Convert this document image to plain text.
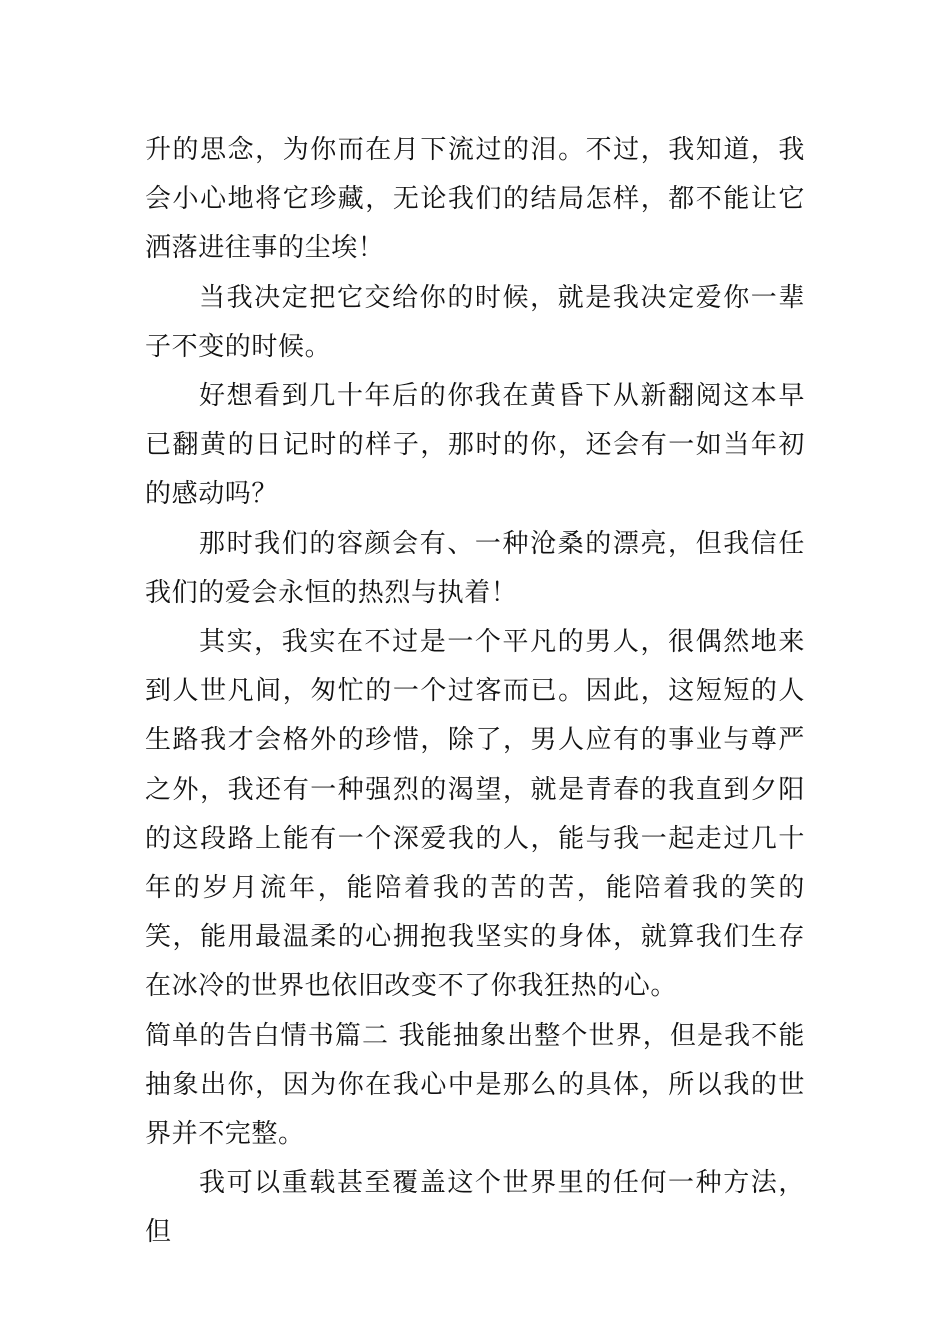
升的思念，为你而在月下流过的泪。不过，我知道，我会小心地将它珍藏，无论我们的结局怎样，都不能让它洒落进往事的尘埃！

当我决定把它交给你的时候，就是我决定爱你一辈子不变的时候。

好想看到几十年后的你我在黄昏下从新翻阅这本早已翻黄的日记时的样子，那时的你，还会有一如当年初的感动吗？

那时我们的容颜会有、一种沧桑的漂亮，但我信任我们的爱会永恒的热烈与执着！

其实，我实在不过是一个平凡的男人，很偶然地来到人世凡间，匆忙的一个过客而已。因此，这短短的人生路我才会格外的珍惜，除了，男人应有的事业与尊严之外，我还有一种强烈的渴望，就是青春的我直到夕阳的这段路上能有一个深爱我的人，能与我一起走过几十年的岁月流年，能陪着我的苦的苦，能陪着我的笑的笑，能用最温柔的心拥抱我坚实的身体，就算我们生存在冰冷的世界也依旧改变不了你我狂热的心。

简单的告白情书篇二 我能抽象出整个世界，但是我不能抽象出你，因为你在我心中是那么的具体，所以我的世界并不完整。

我可以重载甚至覆盖这个世界里的任何一种方法，但
